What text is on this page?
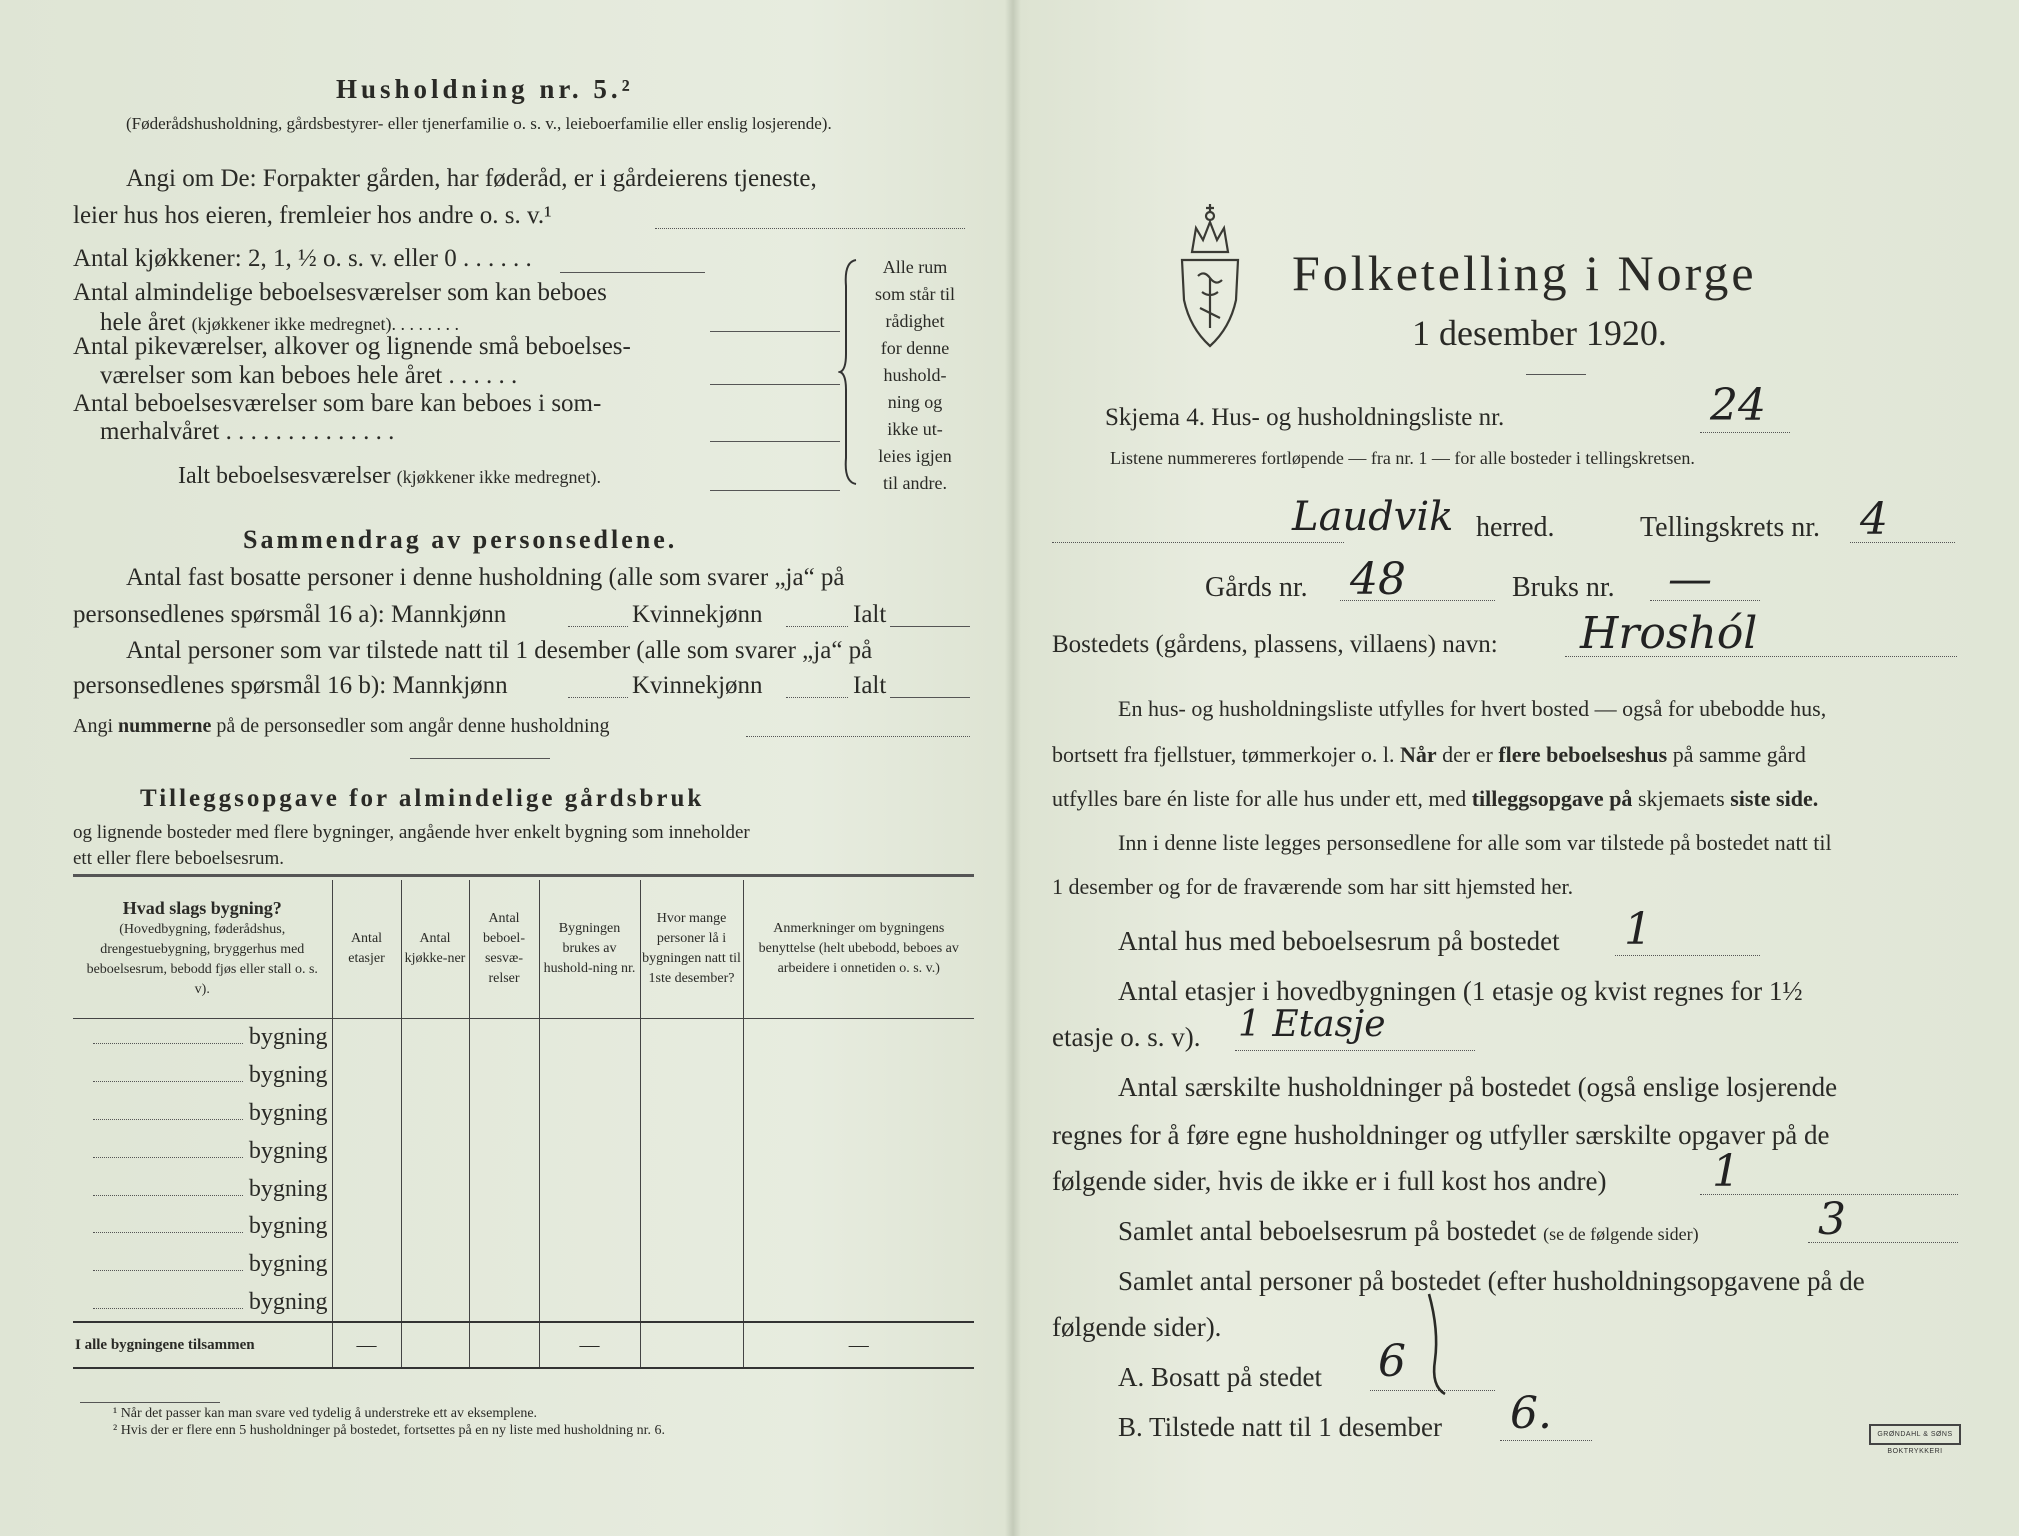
Husholdning nr. 5.²
(Føderådshusholdning, gårdsbestyrer- eller tjenerfamilie o. s. v., leieboerfamilie eller enslig losjerende).
Angi om De: Forpakter gården, har føderåd, er i gårdeierens tjeneste,
leier hus hos eieren, fremleier hos andre o. s. v.¹
Antal kjøkkener: 2, 1, ½ o. s. v. eller 0 . . . . . .
Antal almindelige beboelsesværelser som kan beboes
hele året (kjøkkener ikke medregnet). . . . . . . .
Antal pikeværelser, alkover og lignende små beboelses-
værelser som kan beboes hele året . . . . . .
Antal beboelsesværelser som bare kan beboes i som-
merhalvåret . . . . . . . . . . . . . .
Ialt beboelsesværelser (kjøkkener ikke medregnet).
Alle rum
som står til
rådighet
for denne
hushold-
ning og
ikke ut-
leies igjen
til andre.
Sammendrag av personsedlene.
Antal fast bosatte personer i denne husholdning (alle som svarer „ja“ på
personsedlenes spørsmål 16 a): Mannkjønn	Kvinnekjønn	Ialt
Antal personer som var tilstede natt til 1 desember (alle som svarer „ja“ på
personsedlenes spørsmål 16 b): Mannkjønn	Kvinnekjønn	Ialt
Angi nummerne på de personsedler som angår denne husholdning
Tilleggsopgave for almindelige gårdsbruk
og lignende bosteder med flere bygninger, angående hver enkelt bygning som inneholder
ett eller flere beboelsesrum.
Hvad slags bygning?
(Hovedbygning, føderådshus, drengestuebygning, bryggerhus med beboelsesrum, bebodd fjøs eller stall o. s. v).	Antal etasjer	Antal kjøkke-ner	Antal beboel-sesvæ-relser	Bygningen brukes av hushold-ning nr.	Hvor mange personer lå i bygningen natt til 1ste desember?	Anmerkninger om bygningens benyttelse (helt ubebodd, beboes av arbeidere i onnetiden o. s. v.)
bygning						
bygning						
bygning						
bygning						
bygning						
bygning						
bygning						
bygning						
I alle bygningene tilsammen	—			—		—
¹ Når det passer kan man svare ved tydelig å understreke ett av eksemplene.
² Hvis der er flere enn 5 husholdninger på bostedet, fortsettes på en ny liste med husholdning nr. 6.
Folketelling i Norge
1 desember 1920.
Skjema 4. Hus- og husholdningsliste nr.	24
Listene nummereres fortløpende — fra nr. 1 — for alle bosteder i tellingskretsen.
Laudvik herred.	Tellingskrets nr. 4
Gårds nr. 48	Bruks nr. —
Bostedets (gårdens, plassens, villaens) navn: Hroshól
En hus- og husholdningsliste utfylles for hvert bosted — også for ubebodde hus,
bortsett fra fjellstuer, tømmerkojer o. l. Når der er flere beboelseshus på samme gård
utfylles bare én liste for alle hus under ett, med tilleggsopgave på skjemaets siste side.
Inn i denne liste legges personsedlene for alle som var tilstede på bostedet natt til
1 desember og for de fraværende som har sitt hjemsted her.
Antal hus med beboelsesrum på bostedet 1
Antal etasjer i hovedbygningen (1 etasje og kvist regnes for 1½
etasje o. s. v). 1 Etasje
Antal særskilte husholdninger på bostedet (også enslige losjerende
regnes for å føre egne husholdninger og utfyller særskilte opgaver på de
følgende sider, hvis de ikke er i full kost hos andre) 1
Samlet antal beboelsesrum på bostedet (se de følgende sider)	3
Samlet antal personer på bostedet (efter husholdningsopgavene på de
følgende sider).
A. Bosatt på stedet 6
B. Tilstede natt til 1 desember 6.	GRØNDAHL & SØNS BOKTRYKKERI
